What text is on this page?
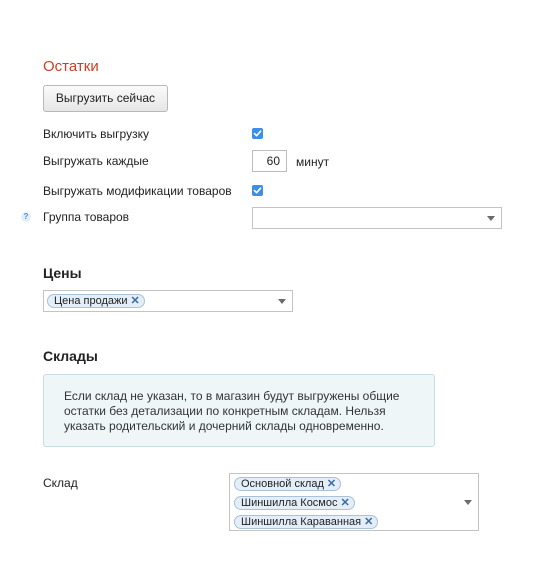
Остатки
Выгрузить сейчас
Включить выгрузку
Выгружать каждые	60	минут
Выгружать модификации товаров
? Группа товаров
Цены
Цена продажи ✕
Склады
Если склад не указан, то в магазин будут выгружены общие остатки без детализации по конкретным складам. Нельзя указать родительский и дочерний склады одновременно.
Склад	Основной склад ✕
Шиншилла Космос ✕
Шиншилла Караванная ✕
